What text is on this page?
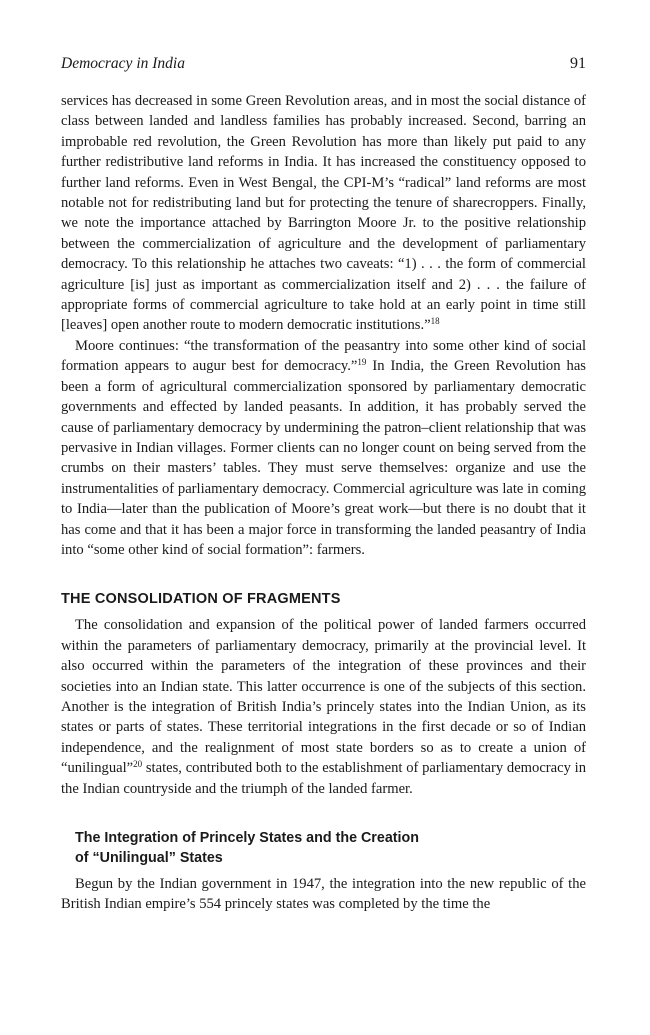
Democracy in India	91

services has decreased in some Green Revolution areas, and in most the social distance of class between landed and landless families has probably increased. Second, barring an improbable red revolution, the Green Revolution has more than likely put paid to any further redistributive land reforms in India. It has increased the constituency opposed to further land reforms. Even in West Bengal, the CPI-M’s “radical” land reforms are most notable not for redistributing land but for protecting the tenure of sharecroppers. Finally, we note the importance attached by Barrington Moore Jr. to the positive relationship between the commercialization of agriculture and the development of parliamentary democracy. To this relationship he attaches two caveats: “1) . . . the form of commercial agriculture [is] just as important as commercialization itself and 2) . . . the failure of appropriate forms of commercial agriculture to take hold at an early point in time still [leaves] open another route to modern democratic institutions.”$^{18}$

Moore continues: “the transformation of the peasantry into some other kind of social formation appears to augur best for democracy.”$^{19}$ In India, the Green Revolution has been a form of agricultural commercialization sponsored by parliamentary democratic governments and effected by landed peasants. In addition, it has probably served the cause of parliamentary democracy by undermining the patron–client relationship that was pervasive in Indian villages. Former clients can no longer count on being served from the crumbs on their masters’ tables. They must serve themselves: organize and use the instrumentalities of parliamentary democracy. Commercial agriculture was late in coming to India—later than the publication of Moore’s great work—but there is no doubt that it has come and that it has been a major force in transforming the landed peasantry of India into “some other kind of social formation”: farmers.

THE CONSOLIDATION OF FRAGMENTS

The consolidation and expansion of the political power of landed farmers occurred within the parameters of parliamentary democracy, primarily at the provincial level. It also occurred within the parameters of the integration of these provinces and their societies into an Indian state. This latter occurrence is one of the subjects of this section. Another is the integration of British India’s princely states into the Indian Union, as its states or parts of states. These territorial integrations in the first decade or so of Indian independence, and the realignment of most state borders so as to create a union of “unilingual”$^{20}$ states, contributed both to the establishment of parliamentary democracy in the Indian countryside and the triumph of the landed farmer.

The Integration of Princely States and the Creation
of “Unilingual” States

Begun by the Indian government in 1947, the integration into the new republic of the British Indian empire’s 554 princely states was completed by the time the
